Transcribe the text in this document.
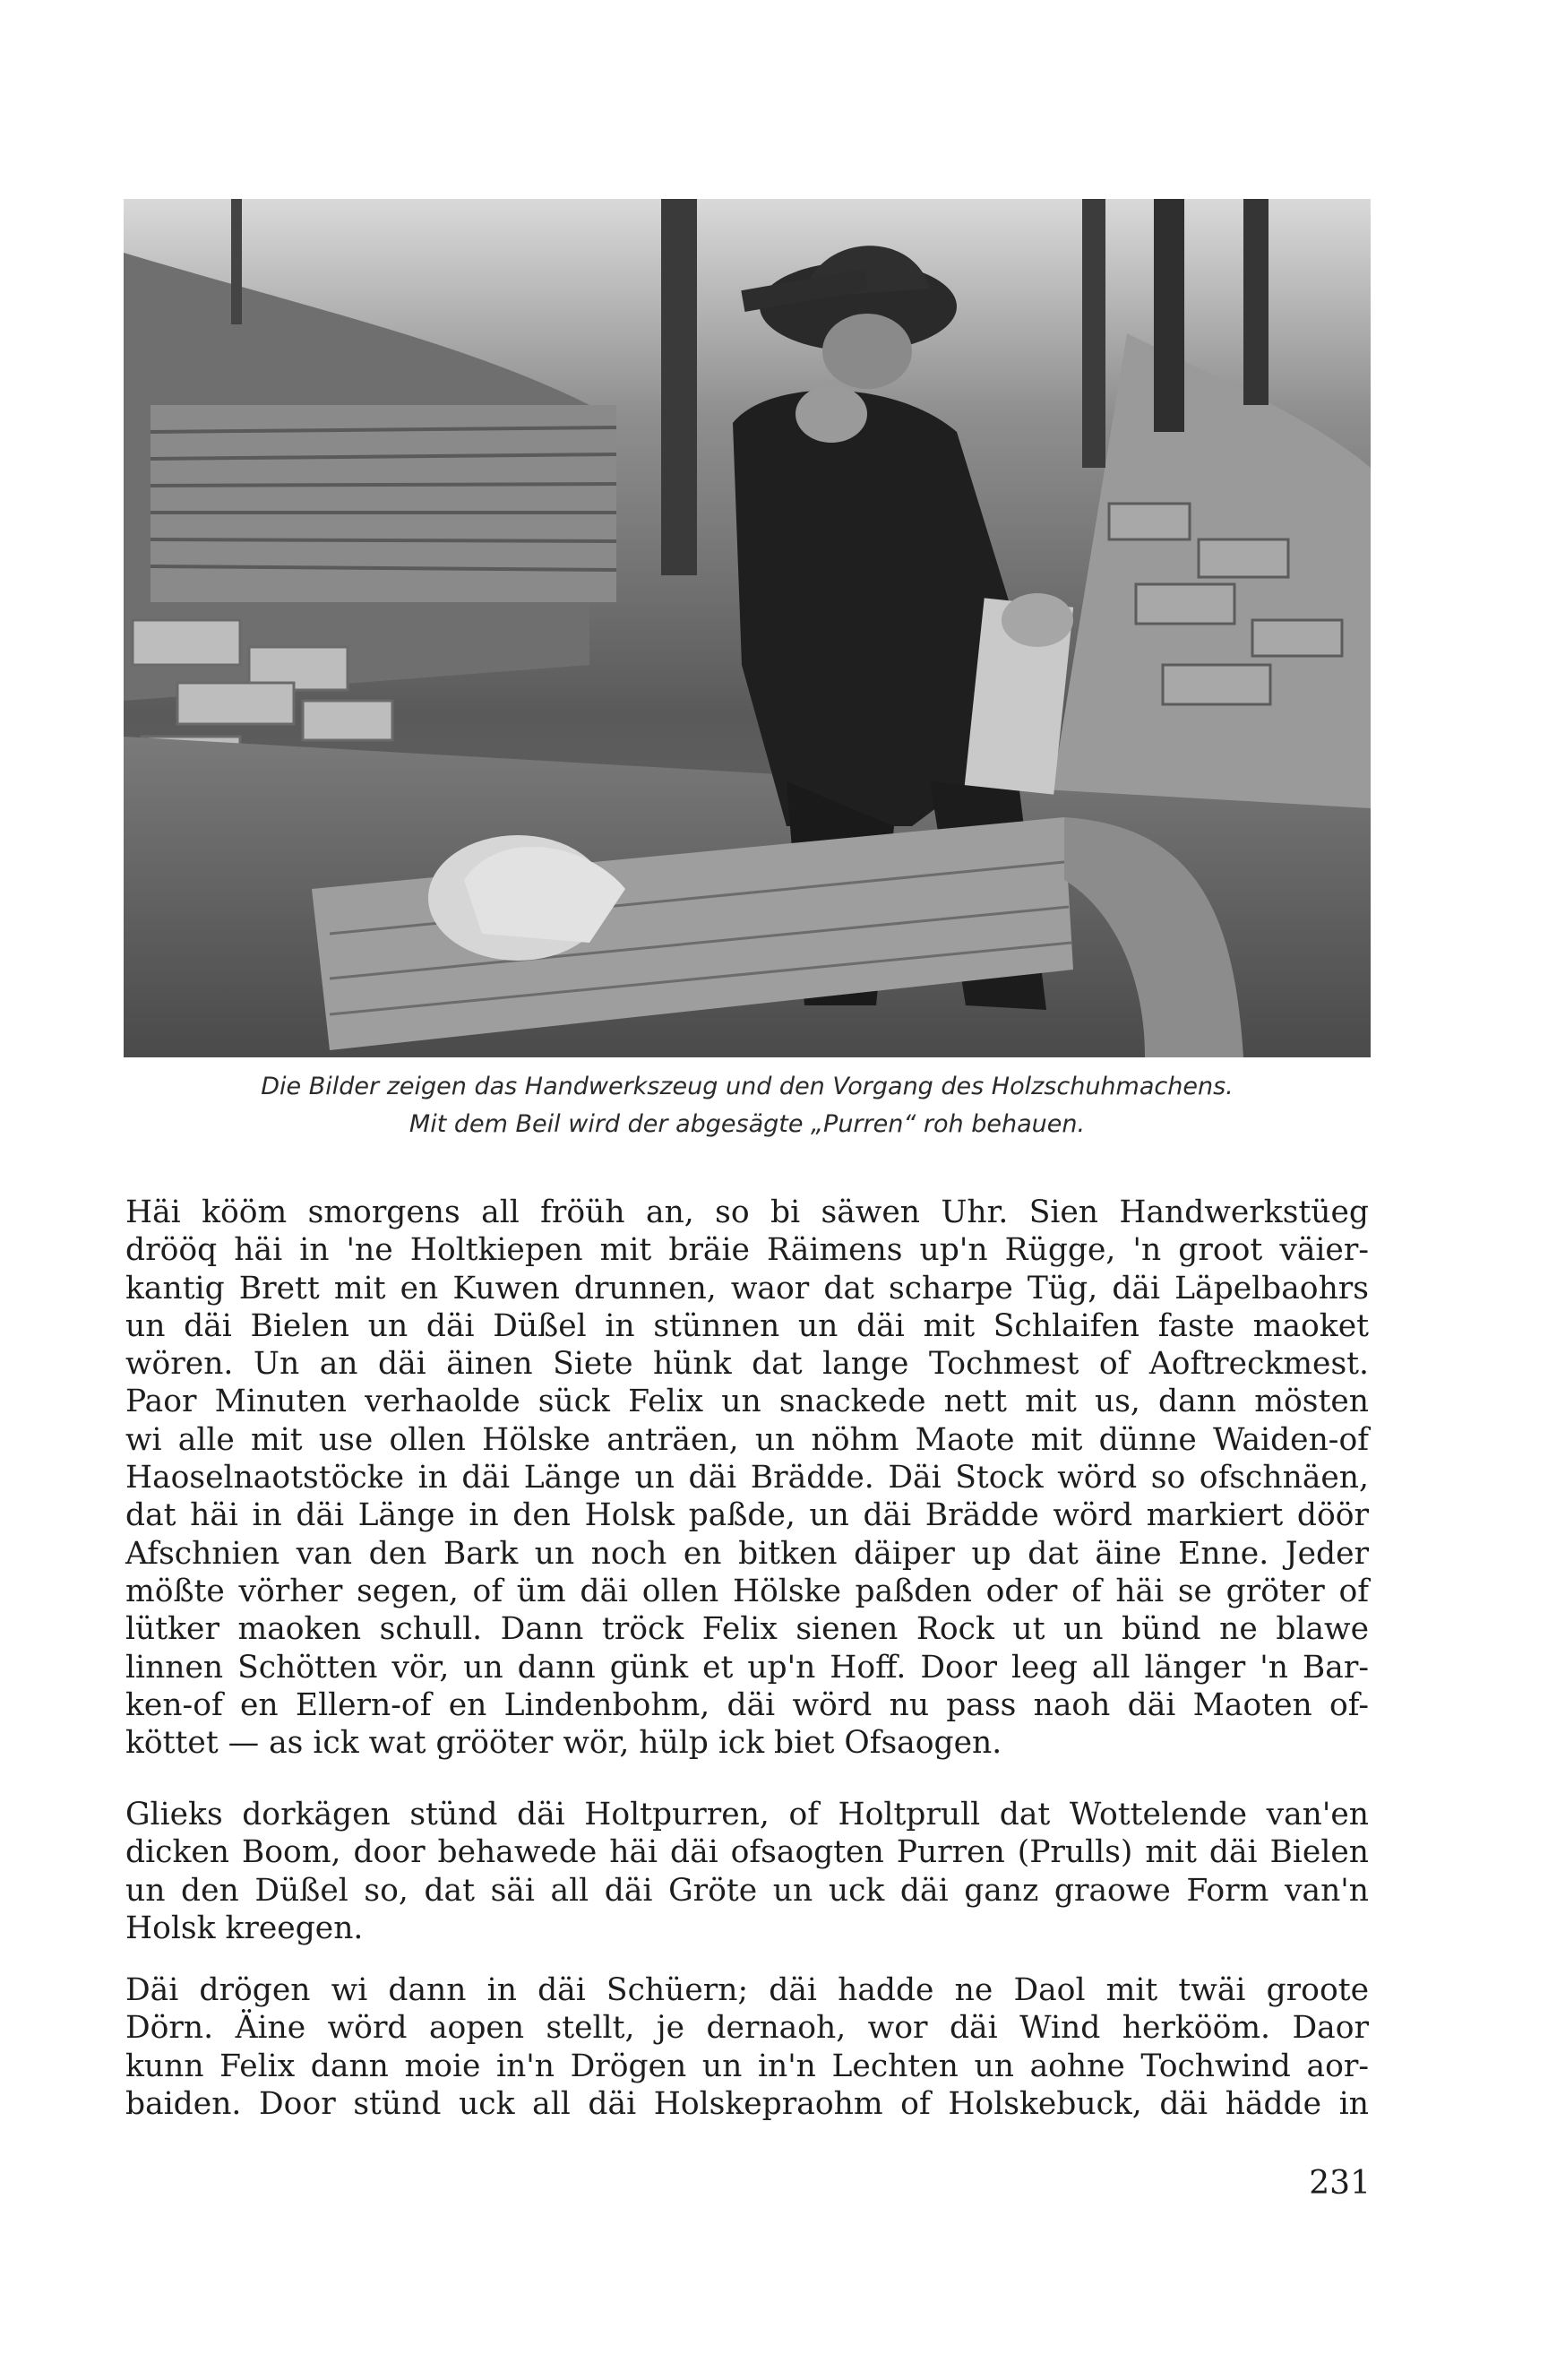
Die Bilder zeigen das Handwerkszeug und den Vorgang des Holzschuhmachens.
Mit dem Beil wird der abgesägte „Purren“ roh behauen.
Häi kööm smorgens all fröüh an, so bi säwen Uhr. Sien Handwerkstüeg
drööq häi in 'ne Holtkiepen mit bräie Räimens up'n Rügge, 'n groot väier-
kantig Brett mit en Kuwen drunnen, waor dat scharpe Tüg, däi Läpelbaohrs
un däi Bielen un däi Düßel in stünnen un däi mit Schlaifen faste maoket
wören. Un an däi äinen Siete hünk dat lange Tochmest of Aoftreckmest.
Paor Minuten verhaolde sück Felix un snackede nett mit us, dann mösten
wi alle mit use ollen Hölske anträen, un nöhm Maote mit dünne Waiden-of
Haoselnaotstöcke in däi Länge un däi Brädde. Däi Stock wörd so ofschnäen,
dat häi in däi Länge in den Holsk paßde, un däi Brädde wörd markiert döör
Afschnien van den Bark un noch en bitken däiper up dat äine Enne. Jeder
mößte vörher segen, of üm däi ollen Hölske paßden oder of häi se gröter of
lütker maoken schull. Dann tröck Felix sienen Rock ut un bünd ne blawe
linnen Schötten vör, un dann günk et up'n Hoff. Door leeg all länger 'n Bar-
ken-of en Ellern-of en Lindenbohm, däi wörd nu pass naoh däi Maoten of-
köttet — as ick wat grööter wör, hülp ick biet Ofsaogen.
Glieks dorkägen stünd däi Holtpurren, of Holtprull dat Wottelende van'en
dicken Boom, door behawede häi däi ofsaogten Purren (Prulls) mit däi Bielen
un den Düßel so, dat säi all däi Gröte un uck däi ganz graowe Form van'n
Holsk kreegen.
Däi drögen wi dann in däi Schüern; däi hadde ne Daol mit twäi groote
Dörn. Äine wörd aopen stellt, je dernaoh, wor däi Wind herkööm. Daor
kunn Felix dann moie in'n Drögen un in'n Lechten un aohne Tochwind aor-
baiden. Door stünd uck all däi Holskepraohm of Holskebuck, däi hädde in
231
